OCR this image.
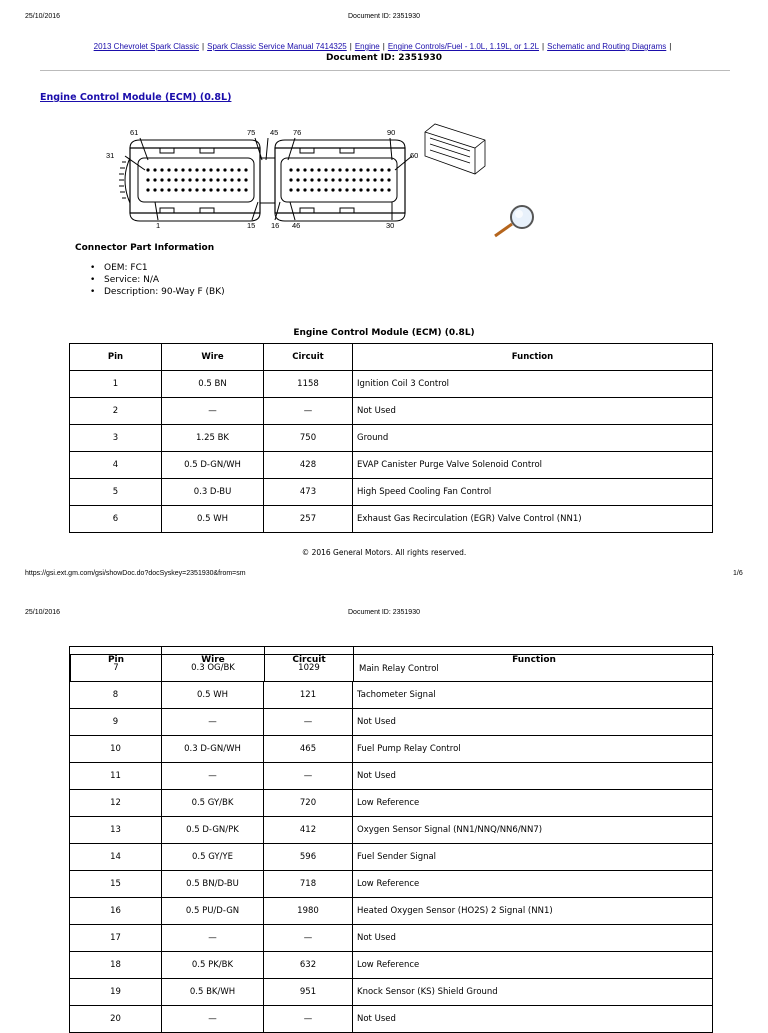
25/10/2016	Document ID: 2351930
2013 Chevrolet Spark Classic | Spark Classic Service Manual 7414325 | Engine | Engine Controls/Fuel - 1.0L, 1.19L, or 1.2L | Schematic and Routing Diagrams |
Document ID: 2351930
Engine Control Module (ECM) (0.8L)
61	75 45 76	90
31	60
1	15 16 46	30
Connector Part Information
• OEM: FC1
• Service: N/A
• Description: 90-Way F (BK)
Engine Control Module (ECM) (0.8L)
Pin	Wire	Circuit	Function
1	0.5 BN	1158	Ignition Coil 3 Control
2	—	—	Not Used
3	1.25 BK	750	Ground
4	0.5 D-GN/WH	428	EVAP Canister Purge Valve Solenoid Control
5	0.3 D-BU	473	High Speed Cooling Fan Control
6	0.5 WH	257	Exhaust Gas Recirculation (EGR) Valve Control (NN1)
© 2016 General Motors. All rights reserved.
https://gsi.ext.gm.com/gsi/showDoc.do?docSyskey=2351930&from=sm	1/6
25/10/2016	Document ID: 2351930
Pin	Wire	Circuit	Function
7	0.3 OG/BK	1029	Main Relay Control
8	0.5 WH	121	Tachometer Signal
9	—	—	Not Used
10	0.3 D-GN/WH	465	Fuel Pump Relay Control
11	—	—	Not Used
12	0.5 GY/BK	720	Low Reference
13	0.5 D-GN/PK	412	Oxygen Sensor Signal (NN1/NNQ/NN6/NN7)
14	0.5 GY/YE	596	Fuel Sender Signal
15	0.5 BN/D-BU	718	Low Reference
16	0.5 PU/D-GN	1980	Heated Oxygen Sensor (HO2S) 2 Signal (NN1)
17	—	—	Not Used
18	0.5 PK/BK	632	Low Reference
19	0.5 BK/WH	951	Knock Sensor (KS) Shield Ground
20	—	—	Not Used
